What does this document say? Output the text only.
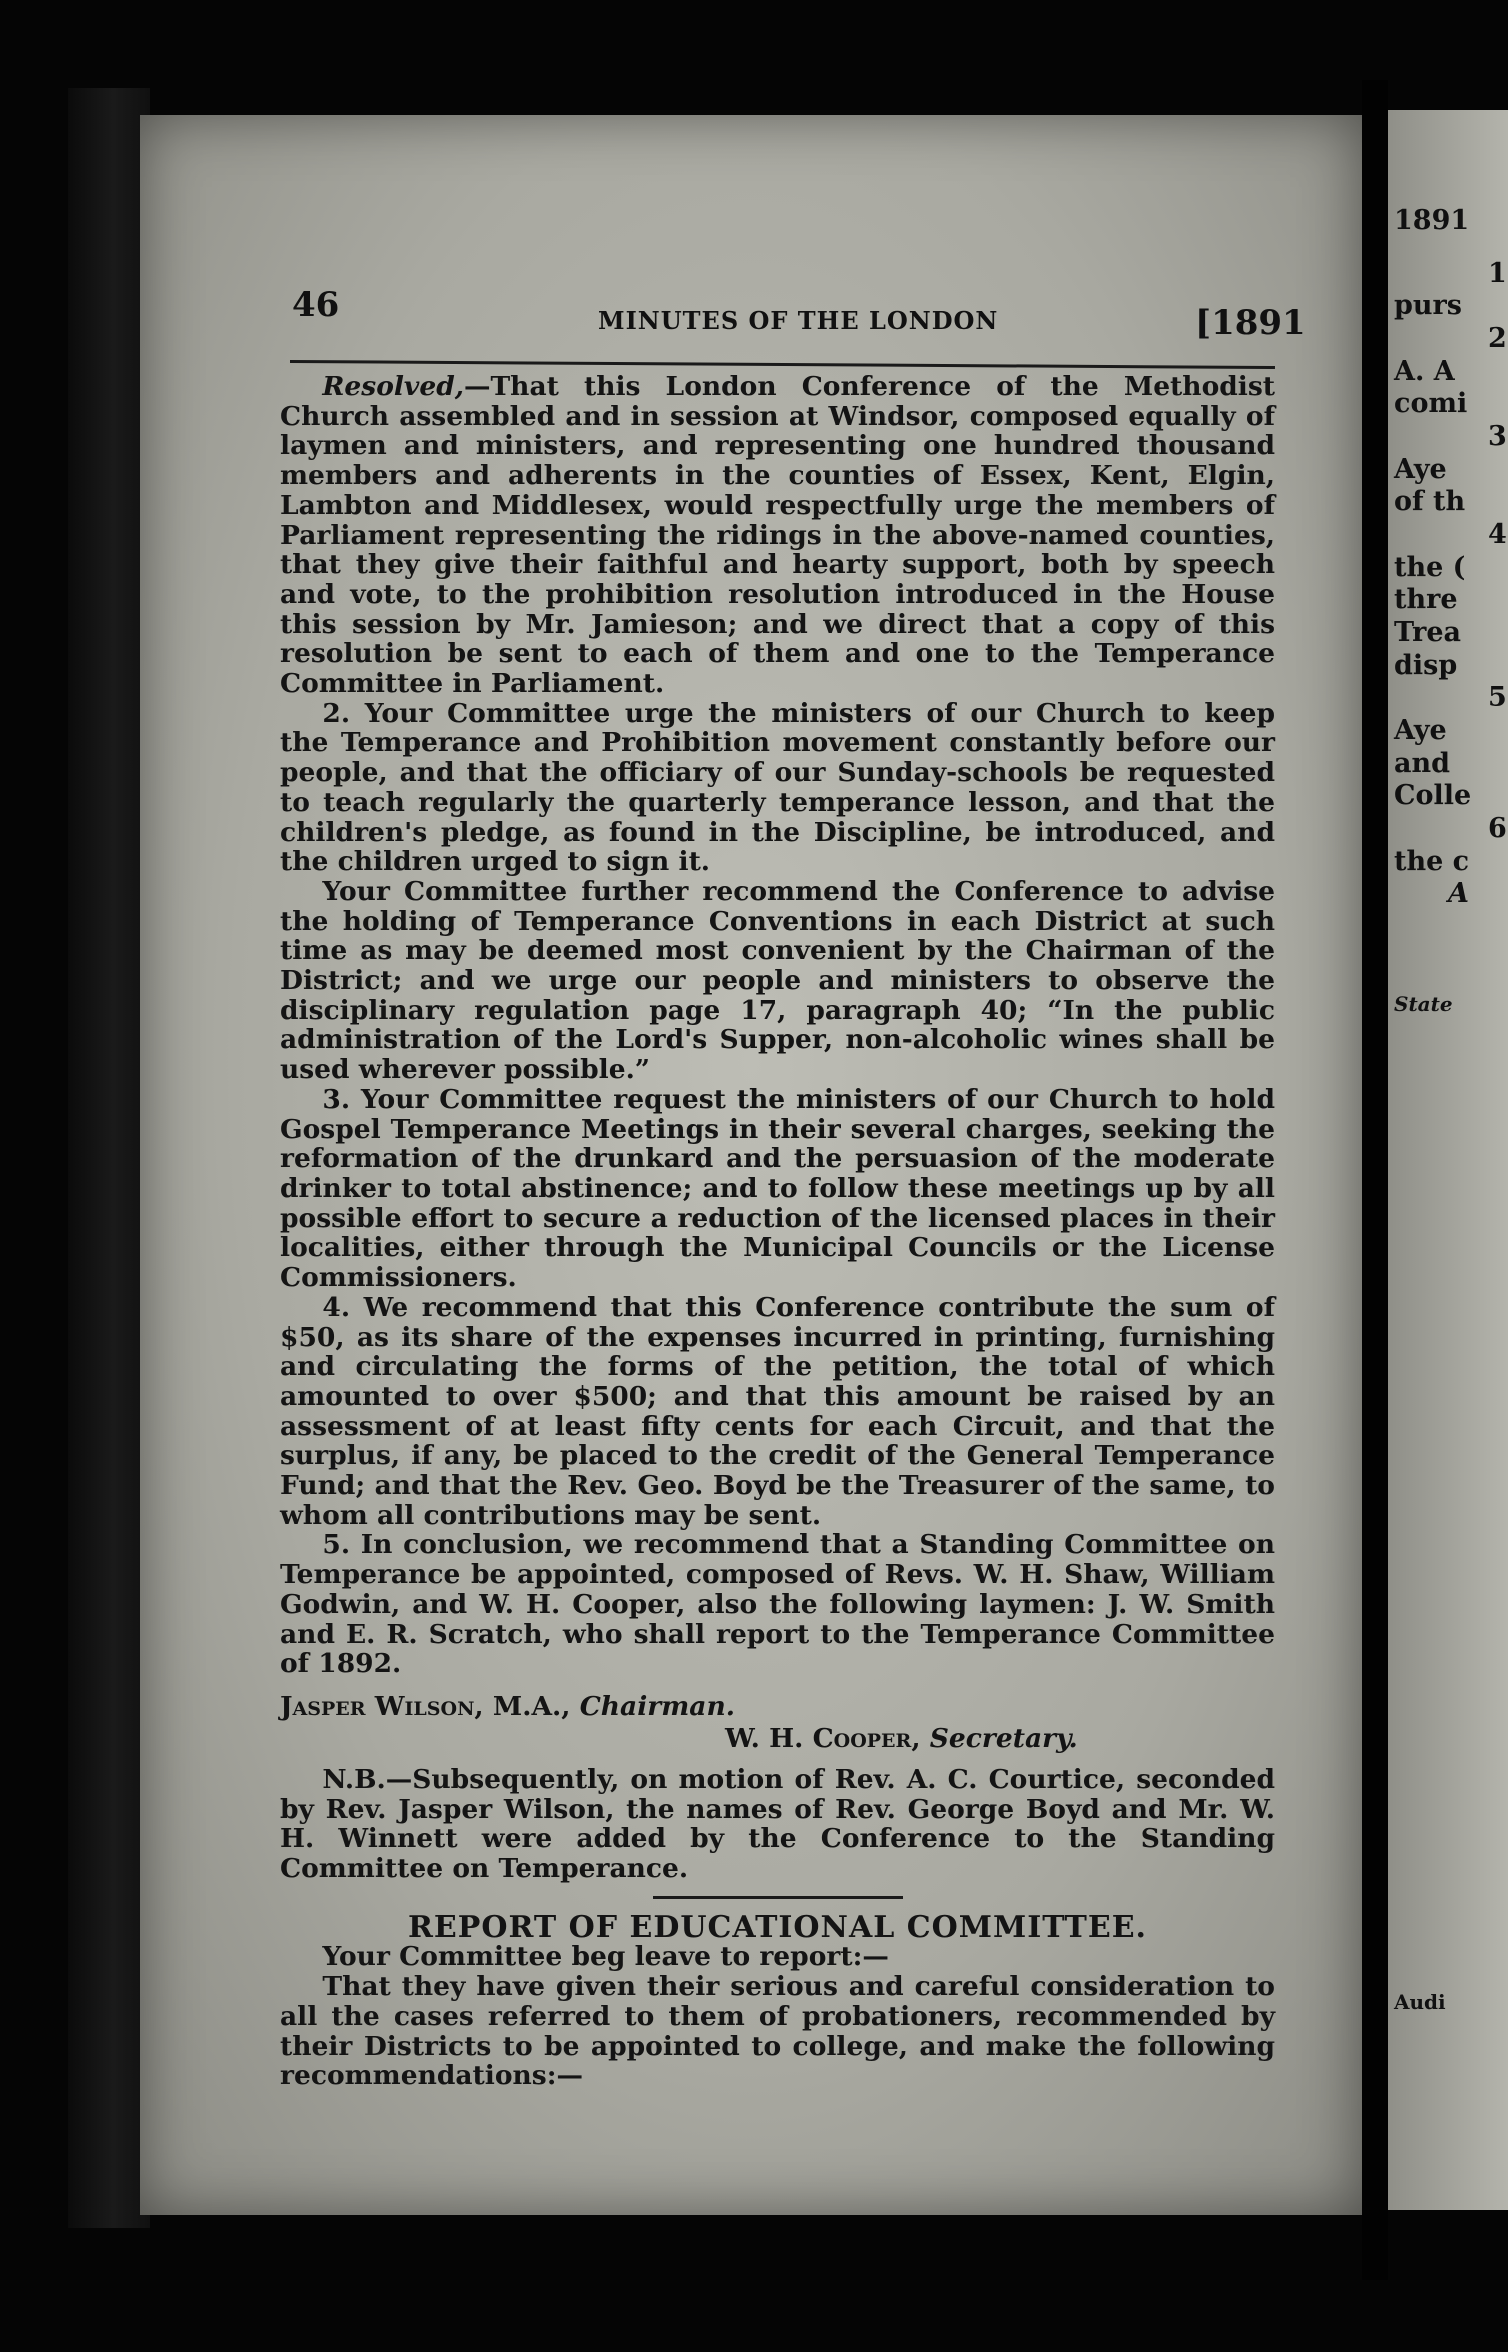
1891
1
purs
2
A. A
comi
3
Aye
of th
4
the (
thre
Trea
disp
5
Aye
and
Colle
6
the c
A
State
Audi
46	MINUTES OF THE LONDON	[1891

Resolved,—That this London Conference of the Methodist Church assembled and in session at Windsor, composed equally of laymen and ministers, and representing one hundred thousand members and adherents in the counties of Essex, Kent, Elgin, Lambton and Middlesex, would respectfully urge the members of Parliament representing the ridings in the above-named counties, that they give their faithful and hearty support, both by speech and vote, to the prohibition resolution introduced in the House this session by Mr. Jamieson; and we direct that a copy of this resolution be sent to each of them and one to the Temperance Committee in Parliament.

2. Your Committee urge the ministers of our Church to keep the Temperance and Prohibition movement constantly before our people, and that the officiary of our Sunday-schools be requested to teach regularly the quarterly temperance lesson, and that the children's pledge, as found in the Discipline, be introduced, and the children urged to sign it.

Your Committee further recommend the Conference to advise the holding of Temperance Conventions in each District at such time as may be deemed most convenient by the Chairman of the District; and we urge our people and ministers to observe the disciplinary regulation page 17, paragraph 40; “In the public administration of the Lord's Supper, non-alcoholic wines shall be used wherever possible.”

3. Your Committee request the ministers of our Church to hold Gospel Temperance Meetings in their several charges, seeking the reformation of the drunkard and the persuasion of the moderate drinker to total abstinence; and to follow these meetings up by all possible effort to secure a reduction of the licensed places in their localities, either through the Municipal Councils or the License Commissioners.

4. We recommend that this Conference contribute the sum of $50, as its share of the expenses incurred in printing, furnishing and circulating the forms of the petition, the total of which amounted to over $500; and that this amount be raised by an assessment of at least fifty cents for each Circuit, and that the surplus, if any, be placed to the credit of the General Temperance Fund; and that the Rev. Geo. Boyd be the Treasurer of the same, to whom all contributions may be sent.

5. In conclusion, we recommend that a Standing Committee on Temperance be appointed, composed of Revs. W. H. Shaw, William Godwin, and W. H. Cooper, also the following laymen: J. W. Smith and E. R. Scratch, who shall report to the Temperance Committee of 1892.

Jasper Wilson, M.A., Chairman.

W. H. Cooper, Secretary.

N.B.—Subsequently, on motion of Rev. A. C. Courtice, seconded by Rev. Jasper Wilson, the names of Rev. George Boyd and Mr. W. H. Winnett were added by the Conference to the Standing Committee on Temperance.

REPORT OF EDUCATIONAL COMMITTEE.

Your Committee beg leave to report:—

That they have given their serious and careful consideration to all the cases referred to them of probationers, recommended by their Districts to be appointed to college, and make the following recommendations:—
